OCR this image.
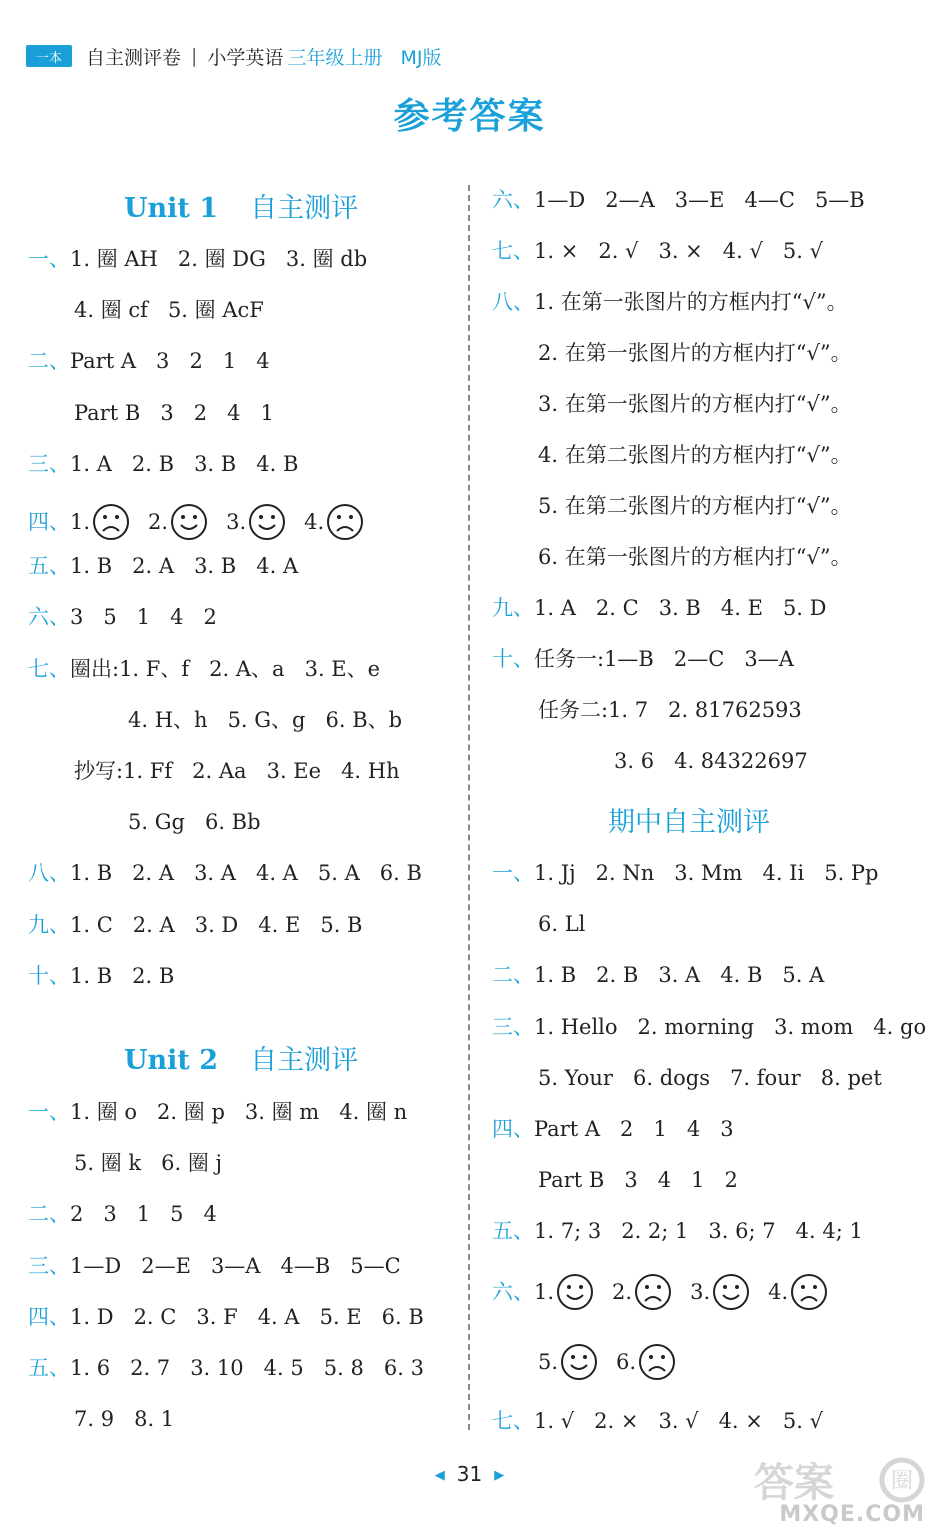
一本	自主测评卷 | 小学英语 三年级上册 MJ版
参考答案
Unit 1 自主测评
一、 1. 圈 AH   2. 圈 DG   3. 圈 db
4. 圈 cf   5. 圈 AcF
二、 Part A   3   2   1   4
Part B   3   2   4   1
三、 1. A   2. B   3. B   4. B
四、 1.	2.	3.	4.
五、 1. B   2. A   3. B   4. A
六、 3   5   1   4   2
七、 圈出:1. F、f   2. A、a   3. E、e
4. H、h   5. G、g   6. B、b
抄写:1. Ff   2. Aa   3. Ee   4. Hh
5. Gg   6. Bb
八、 1. B   2. A   3. A   4. A   5. A   6. B
九、 1. C   2. A   3. D   4. E   5. B
十、 1. B   2. B
Unit 2 自主测评
一、 1. 圈 o   2. 圈 p   3. 圈 m   4. 圈 n
5. 圈 k   6. 圈 j
二、 2   3   1   5   4
三、 1—D   2—E   3—A   4—B   5—C
四、 1. D   2. C   3. F   4. A   5. E   6. B
五、 1. 6   2. 7   3. 10   4. 5   5. 8   6. 3
7. 9   8. 1
六、 1—D   2—A   3—E   4—C   5—B
七、 1. ×   2. √   3. ×   4. √   5. √
八、 1. 在第一张图片的方框内打“√”。
2. 在第一张图片的方框内打“√”。
3. 在第一张图片的方框内打“√”。
4. 在第二张图片的方框内打“√”。
5. 在第二张图片的方框内打“√”。
6. 在第一张图片的方框内打“√”。
九、 1. A   2. C   3. B   4. E   5. D
十、 任务一:1—B   2—C   3—A
任务二:1. 7   2. 81762593
3. 6   4. 84322697
期中自主测评
一、 1. Jj   2. Nn   3. Mm   4. Ii   5. Pp
6. Ll
二、 1. B   2. B   3. A   4. B   5. A
三、 1. Hello   2. morning   3. mom   4. go
5. Your   6. dogs   7. four   8. pet
四、 Part A   2   1   4   3
Part B   3   4   1   2
五、 1. 7; 3   2. 2; 1   3. 6; 7   4. 4; 1
六、 1.	2.	3.	4.
5.	6.
七、 1. √   2. ×   3. √   4. ×   5. √
◀ 31 ▶	答案	圈
MXQE.COM
